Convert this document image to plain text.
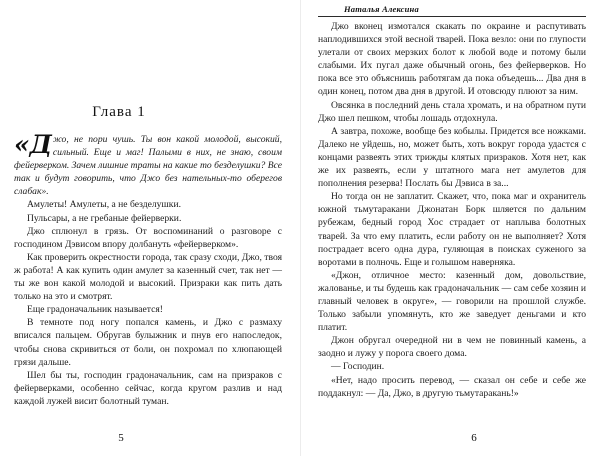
Глава 1

«Джо, не пори чушь. Ты вон какой молодой, высокий, сильный. Еще и маг! Палыми в них, не знаю, своим фейерверком. Зачем лишние траты на какие то безделушки? Все так и будут говорить, что Джо без нательных-то оберегов слабак».

Амулеты! Амулеты, а не безделушки.

Пульсары, а не гребаные фейерверки.

Джо сплюнул в грязь. От воспоминаний о разговоре с господином Дэвисом впору долбануть «фейерверком».

Как проверить окрестности города, так сразу сходи, Джо, твоя ж работа! А как купить один амулет за казенный счет, так нет — ты же вон какой молодой и высокий. Призраки как пить дать только на это и смотрят.

Еще градоначальник называется!

В темноте под ногу попался камень, и Джо с размаху вписался пальцем. Обругав булыжник и пнув его напоследок, чтобы снова скривиться от боли, он похромал по хлюпающей грязи дальше.

Шел бы ты, господин градоначальник, сам на призраков с фейерверками, особенно сейчас, когда кругом разлив и над каждой лужей висит болотный туман.

5
Наталья Алексина

Джо вконец измотался скакать по окраине и распутивать наплодившихся этой весной тварей. Пока везло: они по глупости улетали от своих мерзких болот к любой воде и потому были слабыми. Их пугал даже обычный огонь, без фейерверков. Но пока все это объяснишь работягам да пока объедешь... Два дня в один конец, потом два дня в другой. И отовсюду плюют за ним.

Овсянка в последний день стала хромать, и на обратном пути Джо шел пешком, чтобы лошадь отдохнула.

А завтра, похоже, вообще без кобылы. Придется все ножками. Далеко не уйдешь, но, может быть, хоть вокруг города удастся с концами развеять этих трижды клятых призраков. Хотя нет, как же их развеять, если у штатного мага нет амулетов для пополнения резерва! Послать бы Дэвиса в за...

Но тогда он не заплатит. Скажет, что, пока маг и охранитель южной тьмутаракани Джонатан Борк шляется по дальним рубежам, бедный город Хос страдает от наплыва болотных тварей. За что ему платить, если работу он не выполняет? Хотя пострадает всего одна дура, гуляющая в поисках суженого за воротами в полночь. Еще и голышом наверняка.

«Джон, отличное место: казенный дом, довольствие, жалованье, и ты будешь как градоначальник — сам себе хозяин и главный человек в округе», — говорили на прошлой службе. Только забыли упомянуть, кто же заведует деньгами и кто платит.

Джон обругал очередной ни в чем не повинный камень, а заодно и лужу у порога своего дома.

— Господин.

«Нет, надо просить перевод, — сказал он себе и себе же поддакнул: — Да, Джо, в другую тьмутаракань!»

6
